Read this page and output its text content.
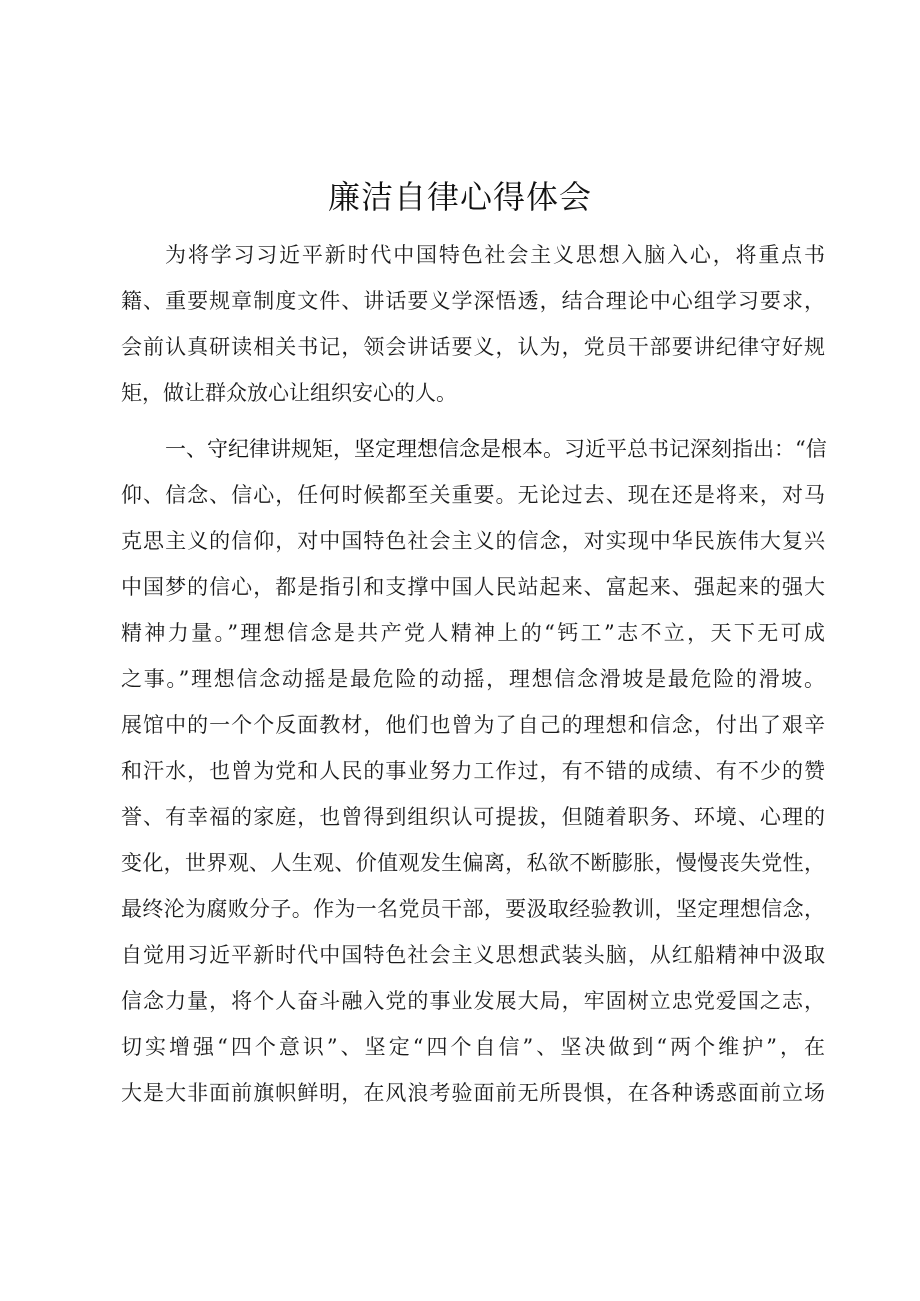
廉洁自律心得体会
为将学习习近平新时代中国特色社会主义思想入脑入心，将重点书
籍、重要规章制度文件、讲话要义学深悟透，结合理论中心组学习要求，
会前认真研读相关书记，领会讲话要义，认为，党员干部要讲纪律守好规
矩，做让群众放心让组织安心的人。
一、守纪律讲规矩，坚定理想信念是根本。习近平总书记深刻指出：“信
仰、信念、信心，任何时候都至关重要。无论过去、现在还是将来，对马
克思主义的信仰，对中国特色社会主义的信念，对实现中华民族伟大复兴
中国梦的信心，都是指引和支撑中国人民站起来、富起来、强起来的强大
精神力量。”理想信念是共产党人精神上的“钙工”志不立，天下无可成
之事。”理想信念动摇是最危险的动摇，理想信念滑坡是最危险的滑坡。
展馆中的一个个反面教材，他们也曾为了自己的理想和信念，付出了艰辛
和汗水，也曾为党和人民的事业努力工作过，有不错的成绩、有不少的赞
誉、有幸福的家庭，也曾得到组织认可提拔，但随着职务、环境、心理的
变化，世界观、人生观、价值观发生偏离，私欲不断膨胀，慢慢丧失党性，
最终沦为腐败分子。作为一名党员干部，要汲取经验教训，坚定理想信念，
自觉用习近平新时代中国特色社会主义思想武装头脑，从红船精神中汲取
信念力量，将个人奋斗融入党的事业发展大局，牢固树立忠党爱国之志，
切实增强“四个意识”、坚定“四个自信”、坚决做到“两个维护”，在
大是大非面前旗帜鲜明，在风浪考验面前无所畏惧，在各种诱惑面前立场
